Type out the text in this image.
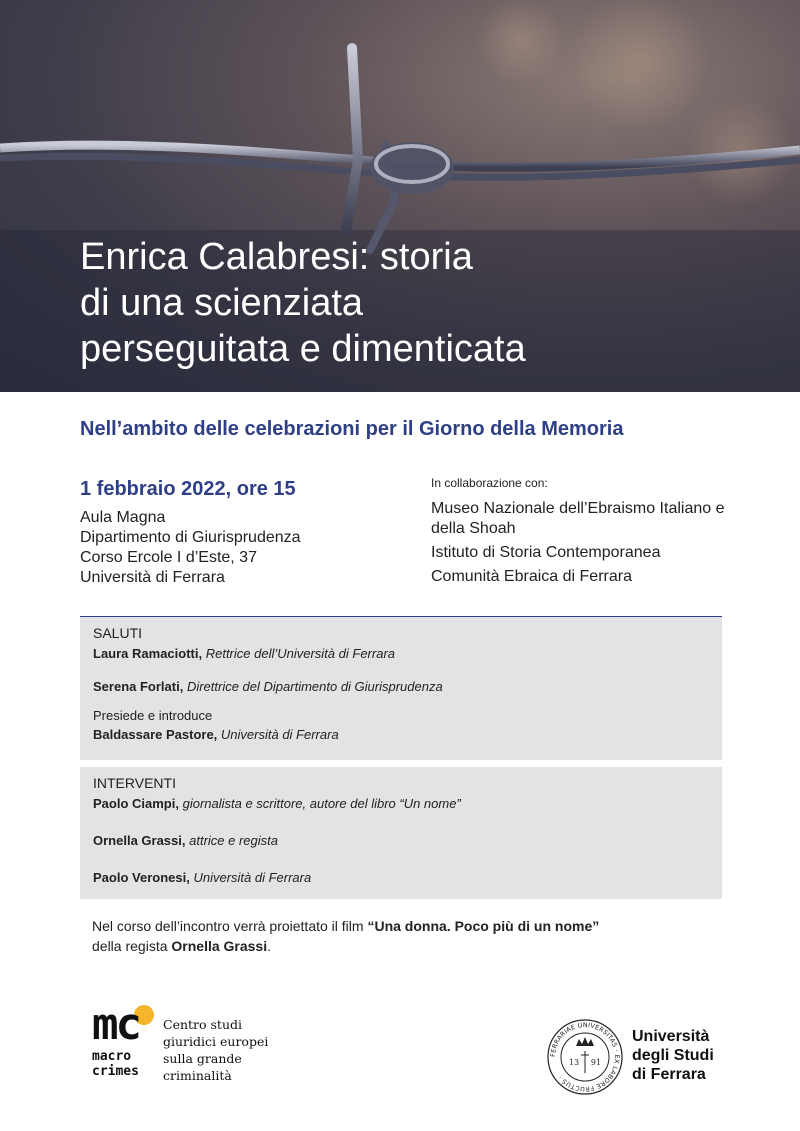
Enrica Calabresi: storia
di una scienziata
perseguitata e dimenticata
Nell’ambito delle celebrazioni per il Giorno della Memoria
1 febbraio 2022, ore 15
Aula Magna
Dipartimento di Giurisprudenza
Corso Ercole I d’Este, 37
Università di Ferrara
In collaborazione con:
Museo Nazionale dell’Ebraismo Italiano e della Shoah
Istituto di Storia Contemporanea
Comunità Ebraica di Ferrara
SALUTI
Laura Ramaciotti, Rettrice dell’Università di Ferrara
Serena Forlati, Direttrice del Dipartimento di Giurisprudenza
Presiede e introduce
Baldassare Pastore, Università di Ferrara
INTERVENTI
Paolo Ciampi, giornalista e scrittore, autore del libro “Un nome”
Ornella Grassi, attrice e regista
Paolo Veronesi, Università di Ferrara
Nel corso dell’incontro verrà proiettato il film “Una donna. Poco più di un nome”
della regista Ornella Grassi.
mc
macro
crimes
Centro studi
giuridici europei
sulla grande
criminalità
FERRARIAE UNIVERSITAS · EX LABORE FRUCTUS ·
13 91
Università
degli Studi
di Ferrara
